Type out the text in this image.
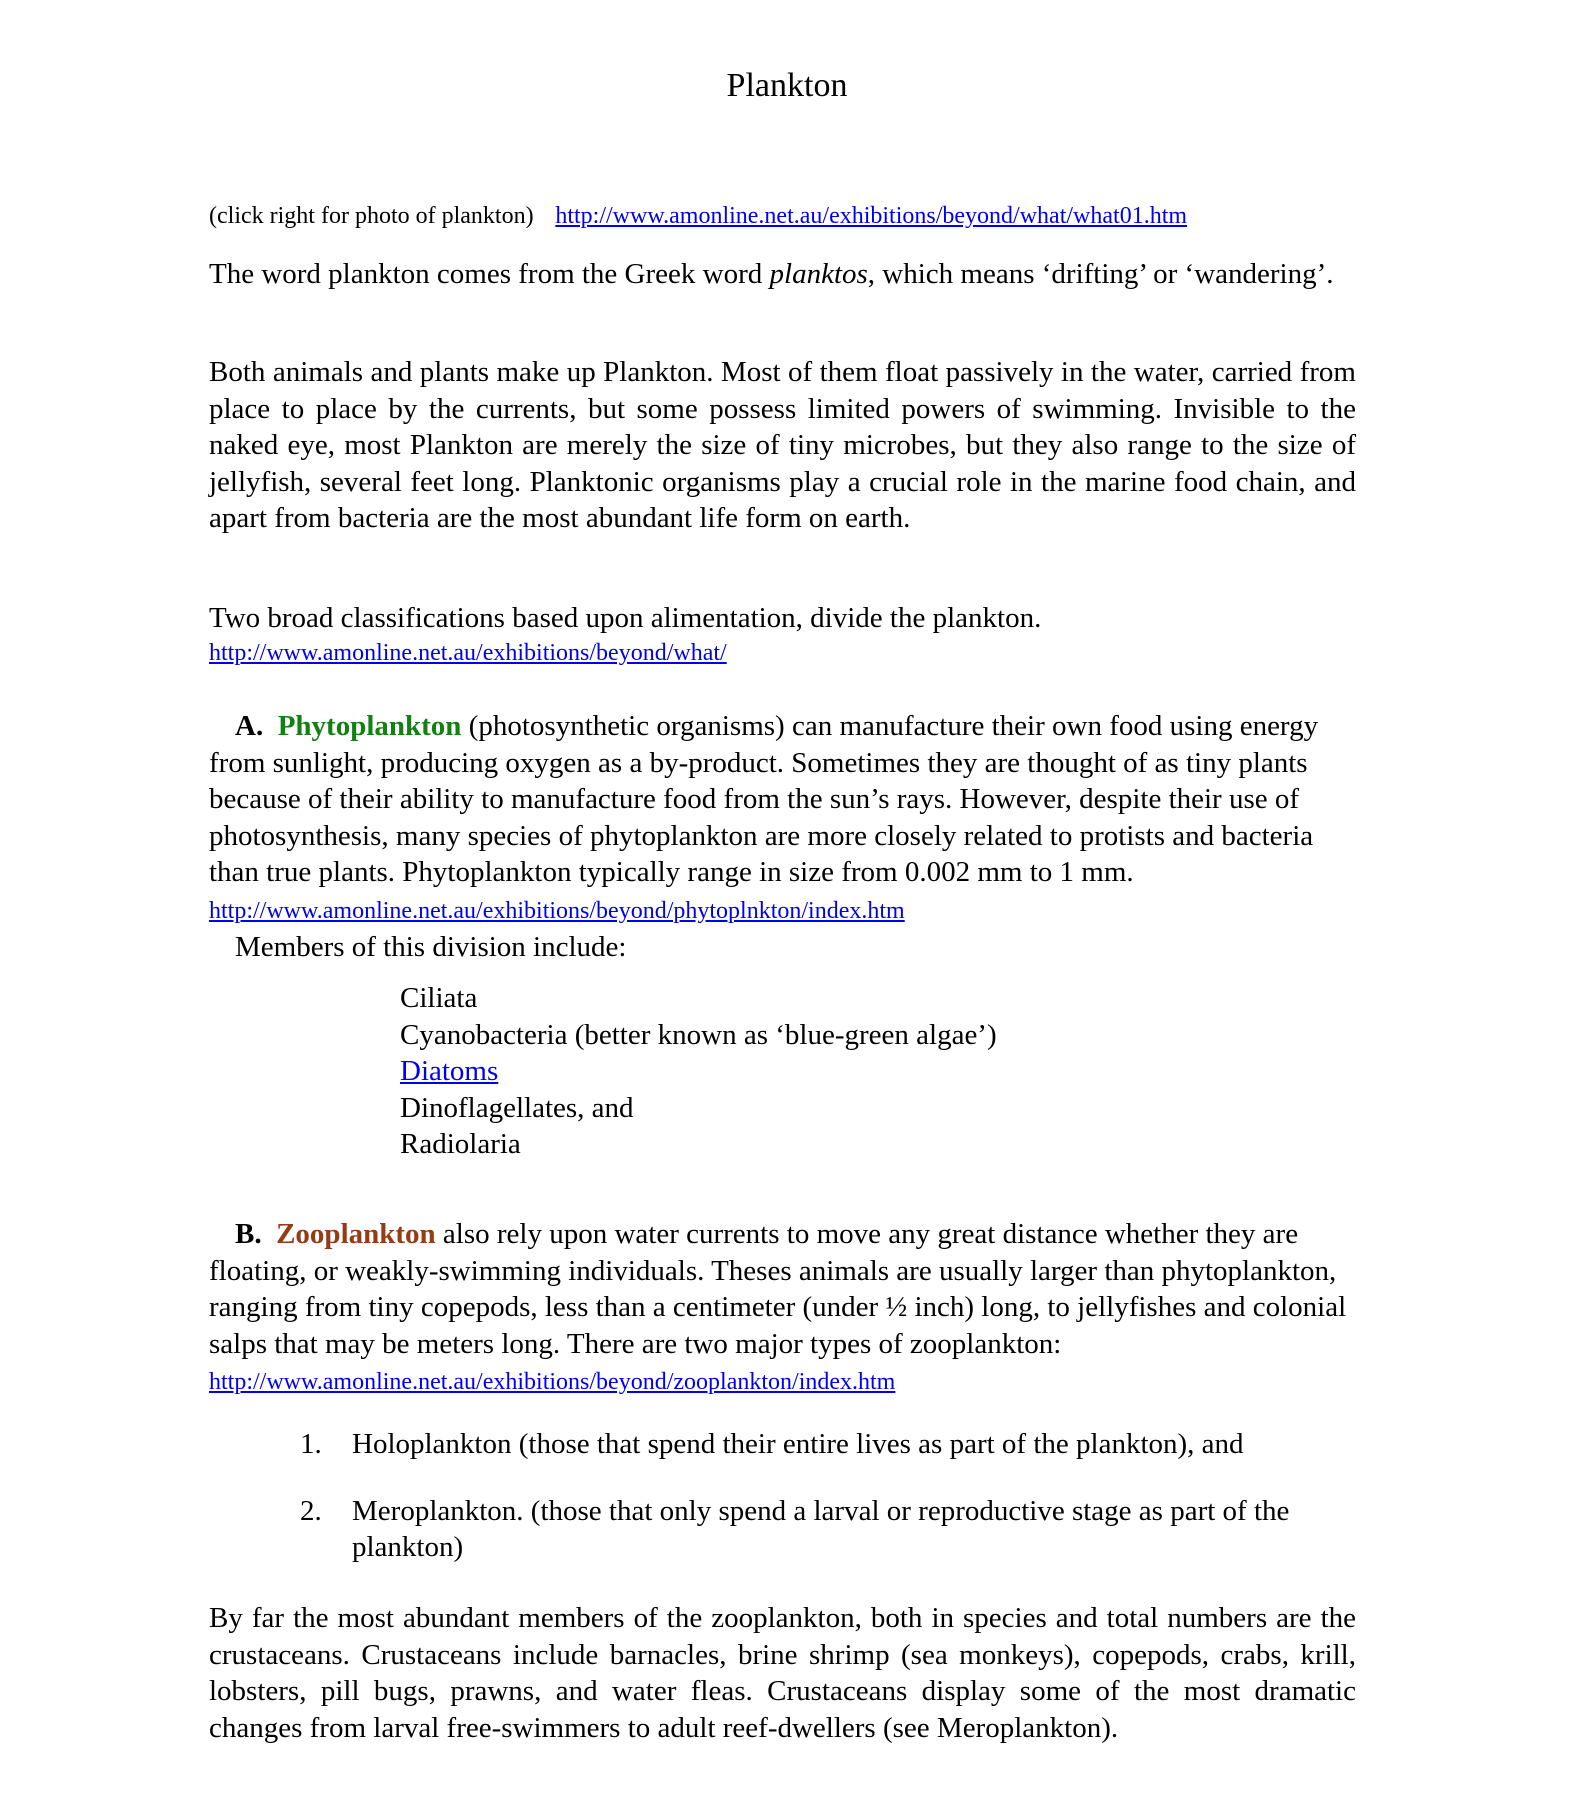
Plankton
(click right for photo of plankton) http://www.amonline.net.au/exhibitions/beyond/what/what01.htm
The word plankton comes from the Greek word planktos, which means ‘drifting’ or ‘wandering’.
Both animals and plants make up Plankton. Most of them float passively in the water, carried from place to place by the currents, but some possess limited powers of swimming. Invisible to the naked eye, most Plankton are merely the size of tiny microbes, but they also range to the size of jellyfish, several feet long. Planktonic organisms play a crucial role in the marine food chain, and apart from bacteria are the most abundant life form on earth.
Two broad classifications based upon alimentation, divide the plankton.
http://www.amonline.net.au/exhibitions/beyond/what/
A. Phytoplankton (photosynthetic organisms) can manufacture their own food using energy from sunlight, producing oxygen as a by-product. Sometimes they are thought of as tiny plants because of their ability to manufacture food from the sun’s rays. However, despite their use of photosynthesis, many species of phytoplankton are more closely related to protists and bacteria than true plants. Phytoplankton typically range in size from 0.002 mm to 1 mm. http://www.amonline.net.au/exhibitions/beyond/phytoplnkton/index.htm
Members of this division include:
Ciliata
Cyanobacteria (better known as ‘blue-green algae’)
Diatoms
Dinoflagellates, and
Radiolaria
B. Zooplankton also rely upon water currents to move any great distance whether they are floating, or weakly-swimming individuals. Theses animals are usually larger than phytoplankton, ranging from tiny copepods, less than a centimeter (under ½ inch) long, to jellyfishes and colonial salps that may be meters long. There are two major types of zooplankton: http://www.amonline.net.au/exhibitions/beyond/zooplankton/index.htm
1.	Holoplankton (those that spend their entire lives as part of the plankton), and
2.	Meroplankton. (those that only spend a larval or reproductive stage as part of the plankton)
By far the most abundant members of the zooplankton, both in species and total numbers are the crustaceans. Crustaceans include barnacles, brine shrimp (sea monkeys), copepods, crabs, krill, lobsters, pill bugs, prawns, and water fleas. Crustaceans display some of the most dramatic changes from larval free-swimmers to adult reef-dwellers (see Meroplankton).
